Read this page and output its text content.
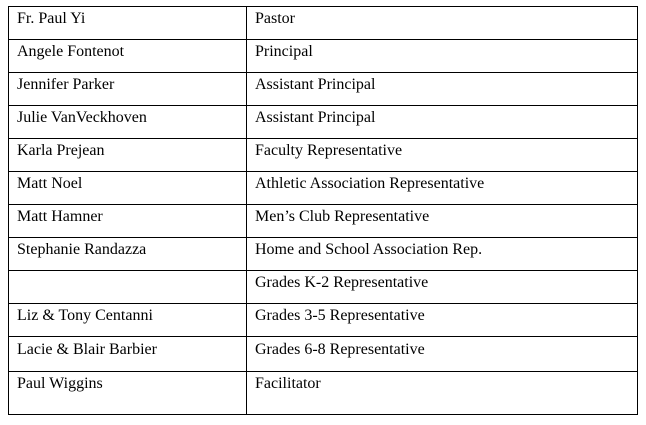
Fr. Paul Yi	Pastor
Angele Fontenot	Principal
Jennifer Parker	Assistant Principal
Julie VanVeckhoven	Assistant Principal
Karla Prejean	Faculty Representative
Matt Noel	Athletic Association Representative
Matt Hamner	Men’s Club Representative
Stephanie Randazza	Home and School Association Rep.
	Grades K-2 Representative
Liz & Tony Centanni	Grades 3-5 Representative
Lacie & Blair Barbier	Grades 6-8 Representative
Paul Wiggins	Facilitator
